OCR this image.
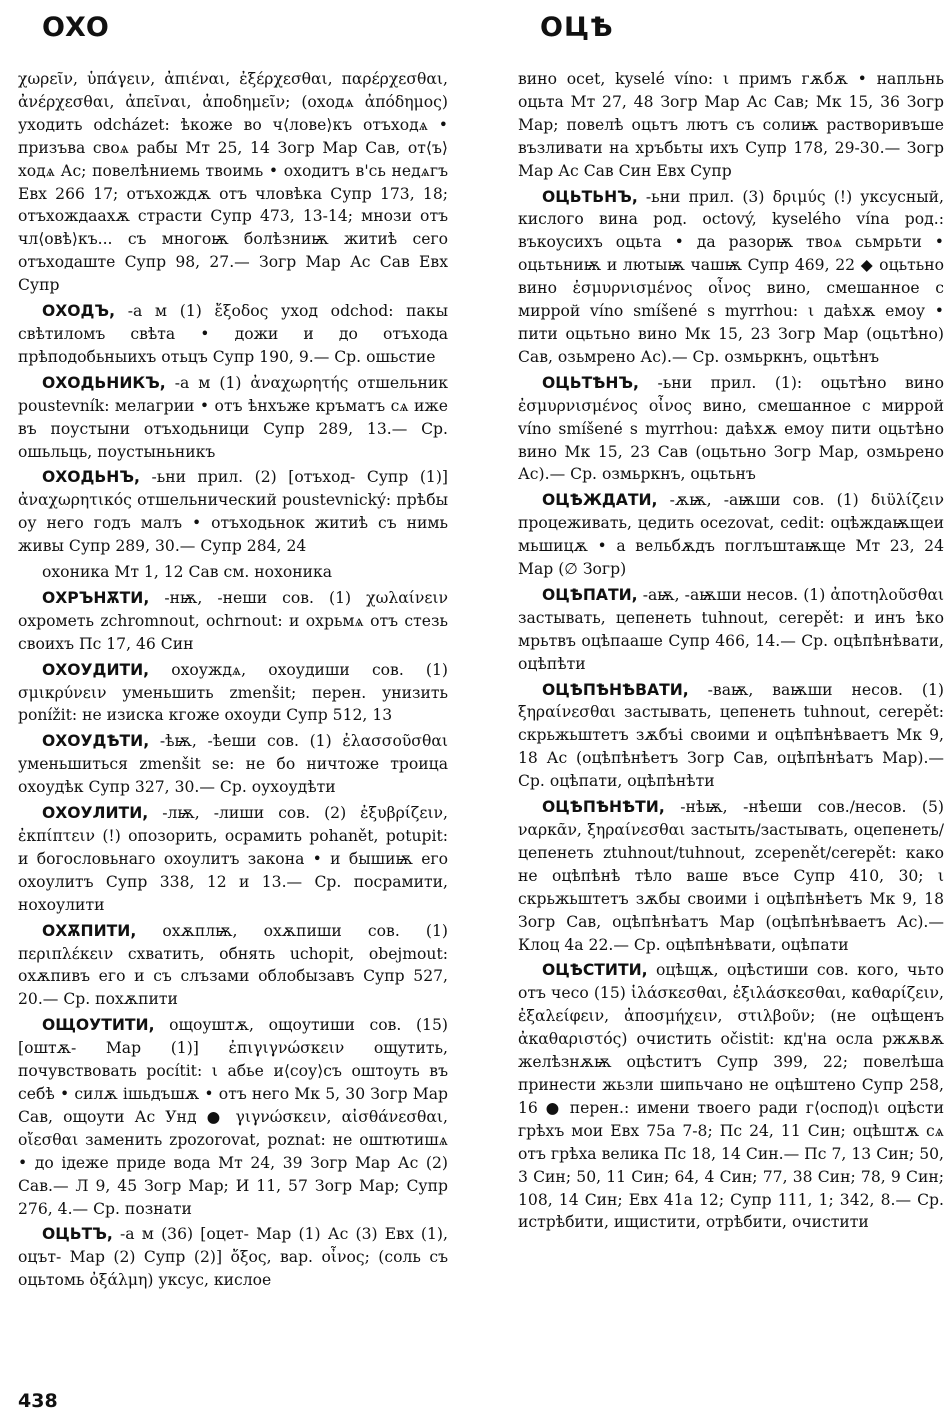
OXO	ОЦѢ

χωρεῖν, ὑπάγειν, ἀπιέναι, ἐξέρχεσθαι, παρέρχεσθαι, ἀνέρχεσθαι, ἀπεῖναι, ἀποδημεῖν; (оходѧ ἀπόδημος) уходить odcházet: ѣкоже во ч⟨лове⟩къ отъходѧ • призъва своѧ рабы Мт 25, 14 Зогр Мар Сав, от⟨ъ⟩ходѧ Ас; повелѣниемь твоимь • оходитъ в'сь недѧгъ Евх 266 17; отъхождѫ отъ чловѣка Супр 173, 18; отъхождаахѫ страсти Супр 473, 13-14; мнози отъ чл⟨овѣ⟩къ... съ многоѭ болѣзниѭ житиѣ сего отъходаште Супр 98, 27.— Зогр Мар Ас Сав Евх Супр

ОХОДЪ, -а м (1) ἔξοδος уход odchod: пакы свѣтиломъ свѣта • дожи и до отъхода прѣподобьныихъ отьцъ Супр 190, 9.— Ср. ошьстие

ОХОДЬНИКЪ, -а м (1) ἀναχωρητής отшельник poustevník: мелагрии • отъ ѣнхъже кръматъ сѧ иже въ поустыни отъходьници Супр 289, 13.— Ср. ошьльць, поустыньникъ

ОХОДЬНЪ, -ьни прил. (2) [отъход- Супр (1)] ἀναχωρητικός отшельнический poustevnický: прѣбы оу него годъ малъ • отъходьнок житиѣ съ нимь живы Супр 289, 30.— Супр 284, 24

охоника Мт 1, 12 Сав см. нохоника

ОХРЪНѪТИ, -нѭ, -неши сов. (1) χωλαίνειν охрометь zchromnout, ochrnout: и охрьмѧ отъ стезь своихъ Пс 17, 46 Син

ОХОУДИТИ, охоуждѧ, охоудиши сов. (1) σμικρύνειν уменьшить zmenšit; перен. унизить ponížit: не изиска кгоже охоуди Супр 512, 13

ОХОУДѢТИ, -ѣѭ, -ѣеши сов. (1) ἐλασσοῦσθαι уменьшиться zmenšit se: не бо ничтоже троица охоудѣк Супр 327, 30.— Ср. оухоудѣти

ОХОУЛИТИ, -лѭ, -лиши сов. (2) ἐξυβρίζειν, ἐκπίπτειν (!) опозорить, осрамить pohanět, potupit: и богословьнаго охоулитъ закона • и бышиѭ его охоулитъ Супр 338, 12 и 13.— Ср. посрамити, нохоулити

ОХѪПИТИ, охѫплѭ, охѫпиши сов. (1) περιπλέκειν схватить, обнять uchopit, obejmout: охѫпивъ его и съ слъзами облобызавъ Супр 527, 20.— Ср. похѫпити

ОЩОУТИТИ, ощоуштѫ, ощоутиши сов. (15) [оштѫ- Мар (1)] ἐπιγιγνώσκειν ощутить, почувствовать pocítit: ι абье и⟨соу⟩съ оштоуть въ себѣ • силѫ ішьдъшѫ • отъ него Мк 5, 30 Зогр Мар Сав, ощоути Ас Унд ● γιγνώσκειν, αἰσθάνεσθαι, οἴεσθαι заменить zpozorovat, poznat: не оштютишѧ • до ідеже приде вода Мт 24, 39 Зогр Мар Ас (2) Сав.— Л 9, 45 Зогр Мар; И 11, 57 Зогр Мар; Супр 276, 4.— Ср. познати

ОЦЬТЪ, -а м (36) [оцет- Мар (1) Ас (3) Евх (1), оцът- Мар (2) Супр (2)] ὄξος, вар. οἶνος; (соль съ оцьтомь ὀξάλμη) уксус, кислое

вино ocet, kyselé víno: ι примъ гѫбѫ • напльнь оцьта Мт 27, 48 Зогр Мар Ас Сав; Мк 15, 36 Зогр Мар; повелѣ оцьтъ лютъ съ солиѭ растворивъше възливати на хръбьты ихъ Супр 178, 29-30.— Зогр Мар Ас Сав Син Евх Супр

ОЦЬТЬНЪ, -ьни прил. (3) δριμύς (!) уксусный, кислого вина род. octový, kyselého vína род.: въкоусихъ оцьта • да разорѭ твоѧ сьмрьти • оцьтьниѭ и лютыѭ чашѭ Супр 469, 22 ◆ оцьтьно вино ἐσμυρνισμένος οἶνος вино, смешанное с миррой víno smíšené s myrrhou: ι даѣхѫ емоу • пити оцьтьно вино Мк 15, 23 Зогр Мар (оцьтѣно) Сав, озьмрено Ас).— Ср. озмьркнъ, оцьтѣнъ

ОЦЬТѢНЪ, -ьни прил. (1): оцьтѣно вино ἐσμυρνισμένος οἶνος вино, смешанное с миррой víno smíšené s myrrhou: даѣхѫ емоу пити оцьтѣно вино Мк 15, 23 Сав (оцьтьно Зогр Мар, озмьрено Ас).— Ср. озмьркнъ, оцьтьнъ

ОЦѢЖДАТИ, -ѫѭ, -аѭши сов. (1) διϋλίζειν процеживать, цедить ocezovat, cedit: оцѣждаѭщеи мьшицѫ • а вельбѫдъ поглъштаѭще Мт 23, 24 Мар (∅ Зогр)

ОЦѢПАТИ, -аѭ, -аѭши несов. (1) ἀποτηλοῦσθαι застывать, цепенеть tuhnout, cerepět: и инъ ѣко мрьтвъ оцѣпааше Супр 466, 14.— Ср. оцѣпѣнѣвати, оцѣпѣти

ОЦѢПѢНѢВАТИ, -ваѭ, ваѭши несов. (1) ξηραίνεσθαι застывать, цепенеть tuhnout, cerepět: скрьжьштетъ зѫбъі своими и оцѣпѣнѣваетъ Мк 9, 18 Ас (оцѣпѣнѣетъ Зогр Сав, оцѣпѣнѣатъ Мар).— Ср. оцѣпати, оцѣпѣнѣти

ОЦѢПѢНѢТИ, -нѣѭ, -нѣеши сов./несов. (5) ναρκᾶν, ξηραίνεσθαι застыть/застывать, оцепенеть/цепенеть ztuhnout/tuhnout, zcepenět/cerepět: како не оцѣпѣнѣ тѣло ваше въсе Супр 410, 30; ι скрьжьштетъ зѫбы своими і оцѣпѣнѣетъ Мк 9, 18 Зогр Сав, оцѣпѣнѣатъ Мар (оцѣпѣнѣваетъ Ас).— Клоц 4а 22.— Ср. оцѣпѣнѣвати, оцѣпати

ОЦѢСТИТИ, оцѣщѫ, оцѣстиши сов. кого, чьто отъ чесо (15) ἱλάσκεσθαι, ἐξιλάσκεσθαι, καθαρίζειν, ἐξαλείφειν, ἀποσμήχειν, στιλβοῦν; (не оцѣщенъ ἀκαθαριστός) очистить očistit: кд'на осла ржѫвѫ желѣзнѫѭ оцѣститъ Супр 399, 22; повелѣша принести жьзли шипьчано не оцѣштено Супр 258, 16 ● перен.: имени твоего ради г⟨оспод⟩ι оцѣсти грѣхъ мои Евх 75а 7-8; Пс 24, 11 Син; оцѣштѫ сѧ отъ грѣха велика Пс 18, 14 Син.— Пс 7, 13 Син; 50, 3 Син; 50, 11 Син; 64, 4 Син; 77, 38 Син; 78, 9 Син; 108, 14 Син; Евх 41а 12; Супр 111, 1; 342, 8.— Ср. истрѣбити, ищистити, отрѣбити, очистити

438
